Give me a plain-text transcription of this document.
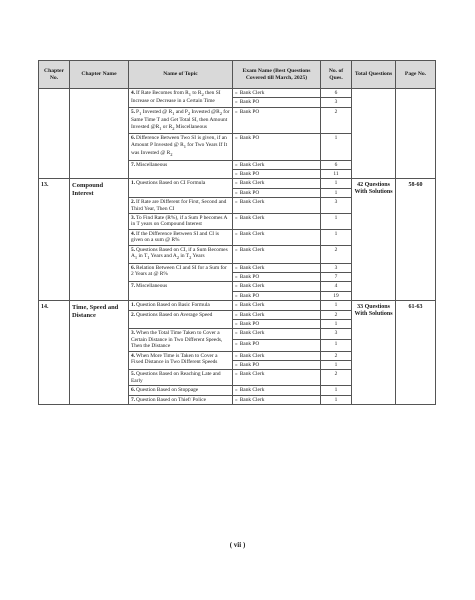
Chapter No.	Chapter Name	Name of Topic	Exam Name (Best Questions Covered till March, 2025)	No. of Ques.	Total Questions	Page No.
		4.If Rate Becomes from $R_1$ to $R_2$ then SI Increase or Decrease in a Certain Time	» Bank Clerk	6		
			» Bank PO	3		
		$5.P_1$ Invested @ $R_1$ and $P_2$ Invested $@R_2$ for Same Time T and Get Total SI, then Amount Invested $@R_1$ or $R_2$ Miscellaneous	» Bank PO	2		
		6.Difference Between Two SI is given, if an Amount P Invested @ $R_1$ for Two Years If It was Invested @ $R_2$	» Bank PO	1		
		7.Miscellaneous	» Bank Clerk	6		
			» Bank PO	11		
13.	Compound Interest	1.Questions Based on CI Formula	» Bank Clerk	1	42 Questions With Solutions	58-60
			» Bank PO	1		
		2.If Rate are Different for First, Second and Third Year, Then CI	» Bank Clerk	3		
		3.To Find Rate (R%), if a Sum P becomes A in T years on Compound Interest	» Bank Clerk	1		
		4.If the Difference Between SI and CI is given on a sum @ R%	» Bank Clerk	1		
		5.Questions Based on CI, if a Sum Becomes $A_1$ in $T_1$ Years and $A_2$ in $T_2$ Years	» Bank Clerk	2		
		6.Relation Between CI and SI for a Sum for 2 Years at @ R%	» Bank Clerk	3		
			» Bank PO	7		
		7.Miscellaneous	» Bank Clerk	4		
			» Bank PO	19		
14.	Time, Speed and Distance	1.Question Based on Basic Formula	» Bank Clerk	1	33 Questions With Solutions	61-63
		2.Questions Based on Average Speed	» Bank Clerk	2		
			» Bank PO	1		
		3.When the Total Time Taken to Cover a Certain Distance in Two Different Speeds, Then the Distance	» Bank Clerk	3		
			» Bank PO	1		
		4.When More Time is Taken to Cover a Fixed Distance in Two Different Speeds	» Bank Clerk	2		
			» Bank PO	1		
		5.Questions Based on Reaching Late and Early	» Bank Clerk	2		
		6.Question Based on Stoppage	» Bank Clerk	1		
		7.Question Based on Thief/ Police	» Bank Clerk	1		
( vii )
